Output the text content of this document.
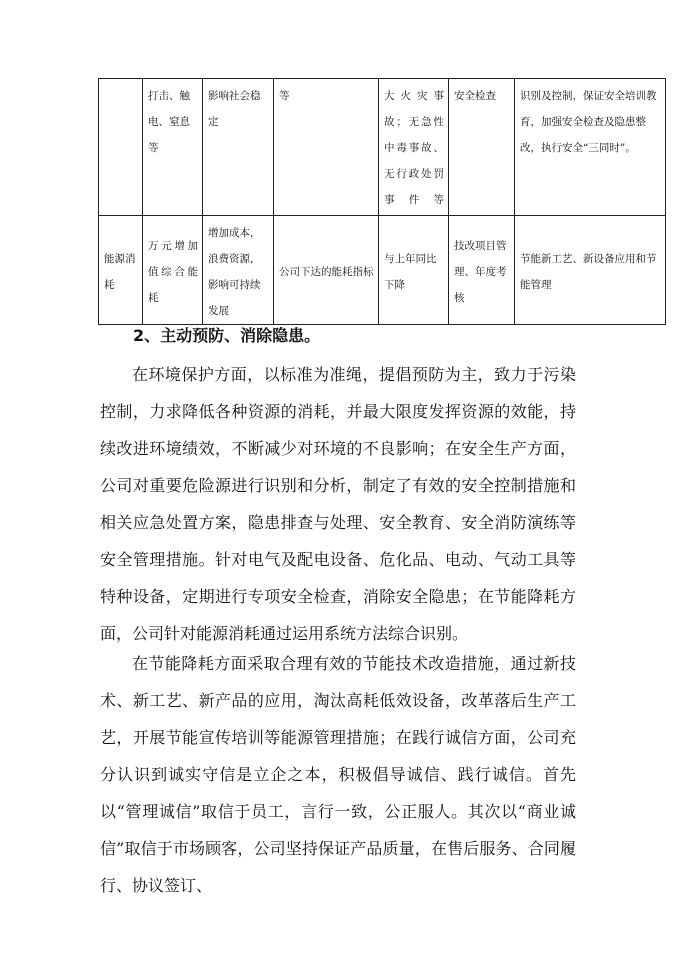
	打击、触电、窒息等	影响社会稳定	等	大火灾事故；无急性中毒事故、无行政处罚事件等	安全检查	识别及控制，保证安全培训教育，加强安全检查及隐患整改，执行安全“三同时”。
能源消耗	万元增加值综合能耗	增加成本，浪费资源，影响可持续发展	公司下达的能耗指标	与上年同比下降	技改项目管理、年度考核	节能新工艺、新设备应用和节能管理

2、主动预防、消除隐患。

在环境保护方面，以标准为准绳，提倡预防为主，致力于污染控制，力求降低各种资源的消耗，并最大限度发挥资源的效能，持续改进环境绩效，不断减少对环境的不良影响；在安全生产方面，公司对重要危险源进行识别和分析，制定了有效的安全控制措施和相关应急处置方案，隐患排查与处理、安全教育、安全消防演练等安全管理措施。针对电气及配电设备、危化品、电动、气动工具等特种设备，定期进行专项安全检查，消除安全隐患；在节能降耗方面，公司针对能源消耗通过运用系统方法综合识别。

在节能降耗方面采取合理有效的节能技术改造措施，通过新技术、新工艺、新产品的应用，淘汰高耗低效设备，改革落后生产工艺，开展节能宣传培训等能源管理措施；在践行诚信方面，公司充分认识到诚实守信是立企之本，积极倡导诚信、践行诚信。首先以“管理诚信”取信于员工，言行一致，公正服人。其次以“商业诚信”取信于市场顾客，公司坚持保证产品质量，在售后服务、合同履行、协议签订、
